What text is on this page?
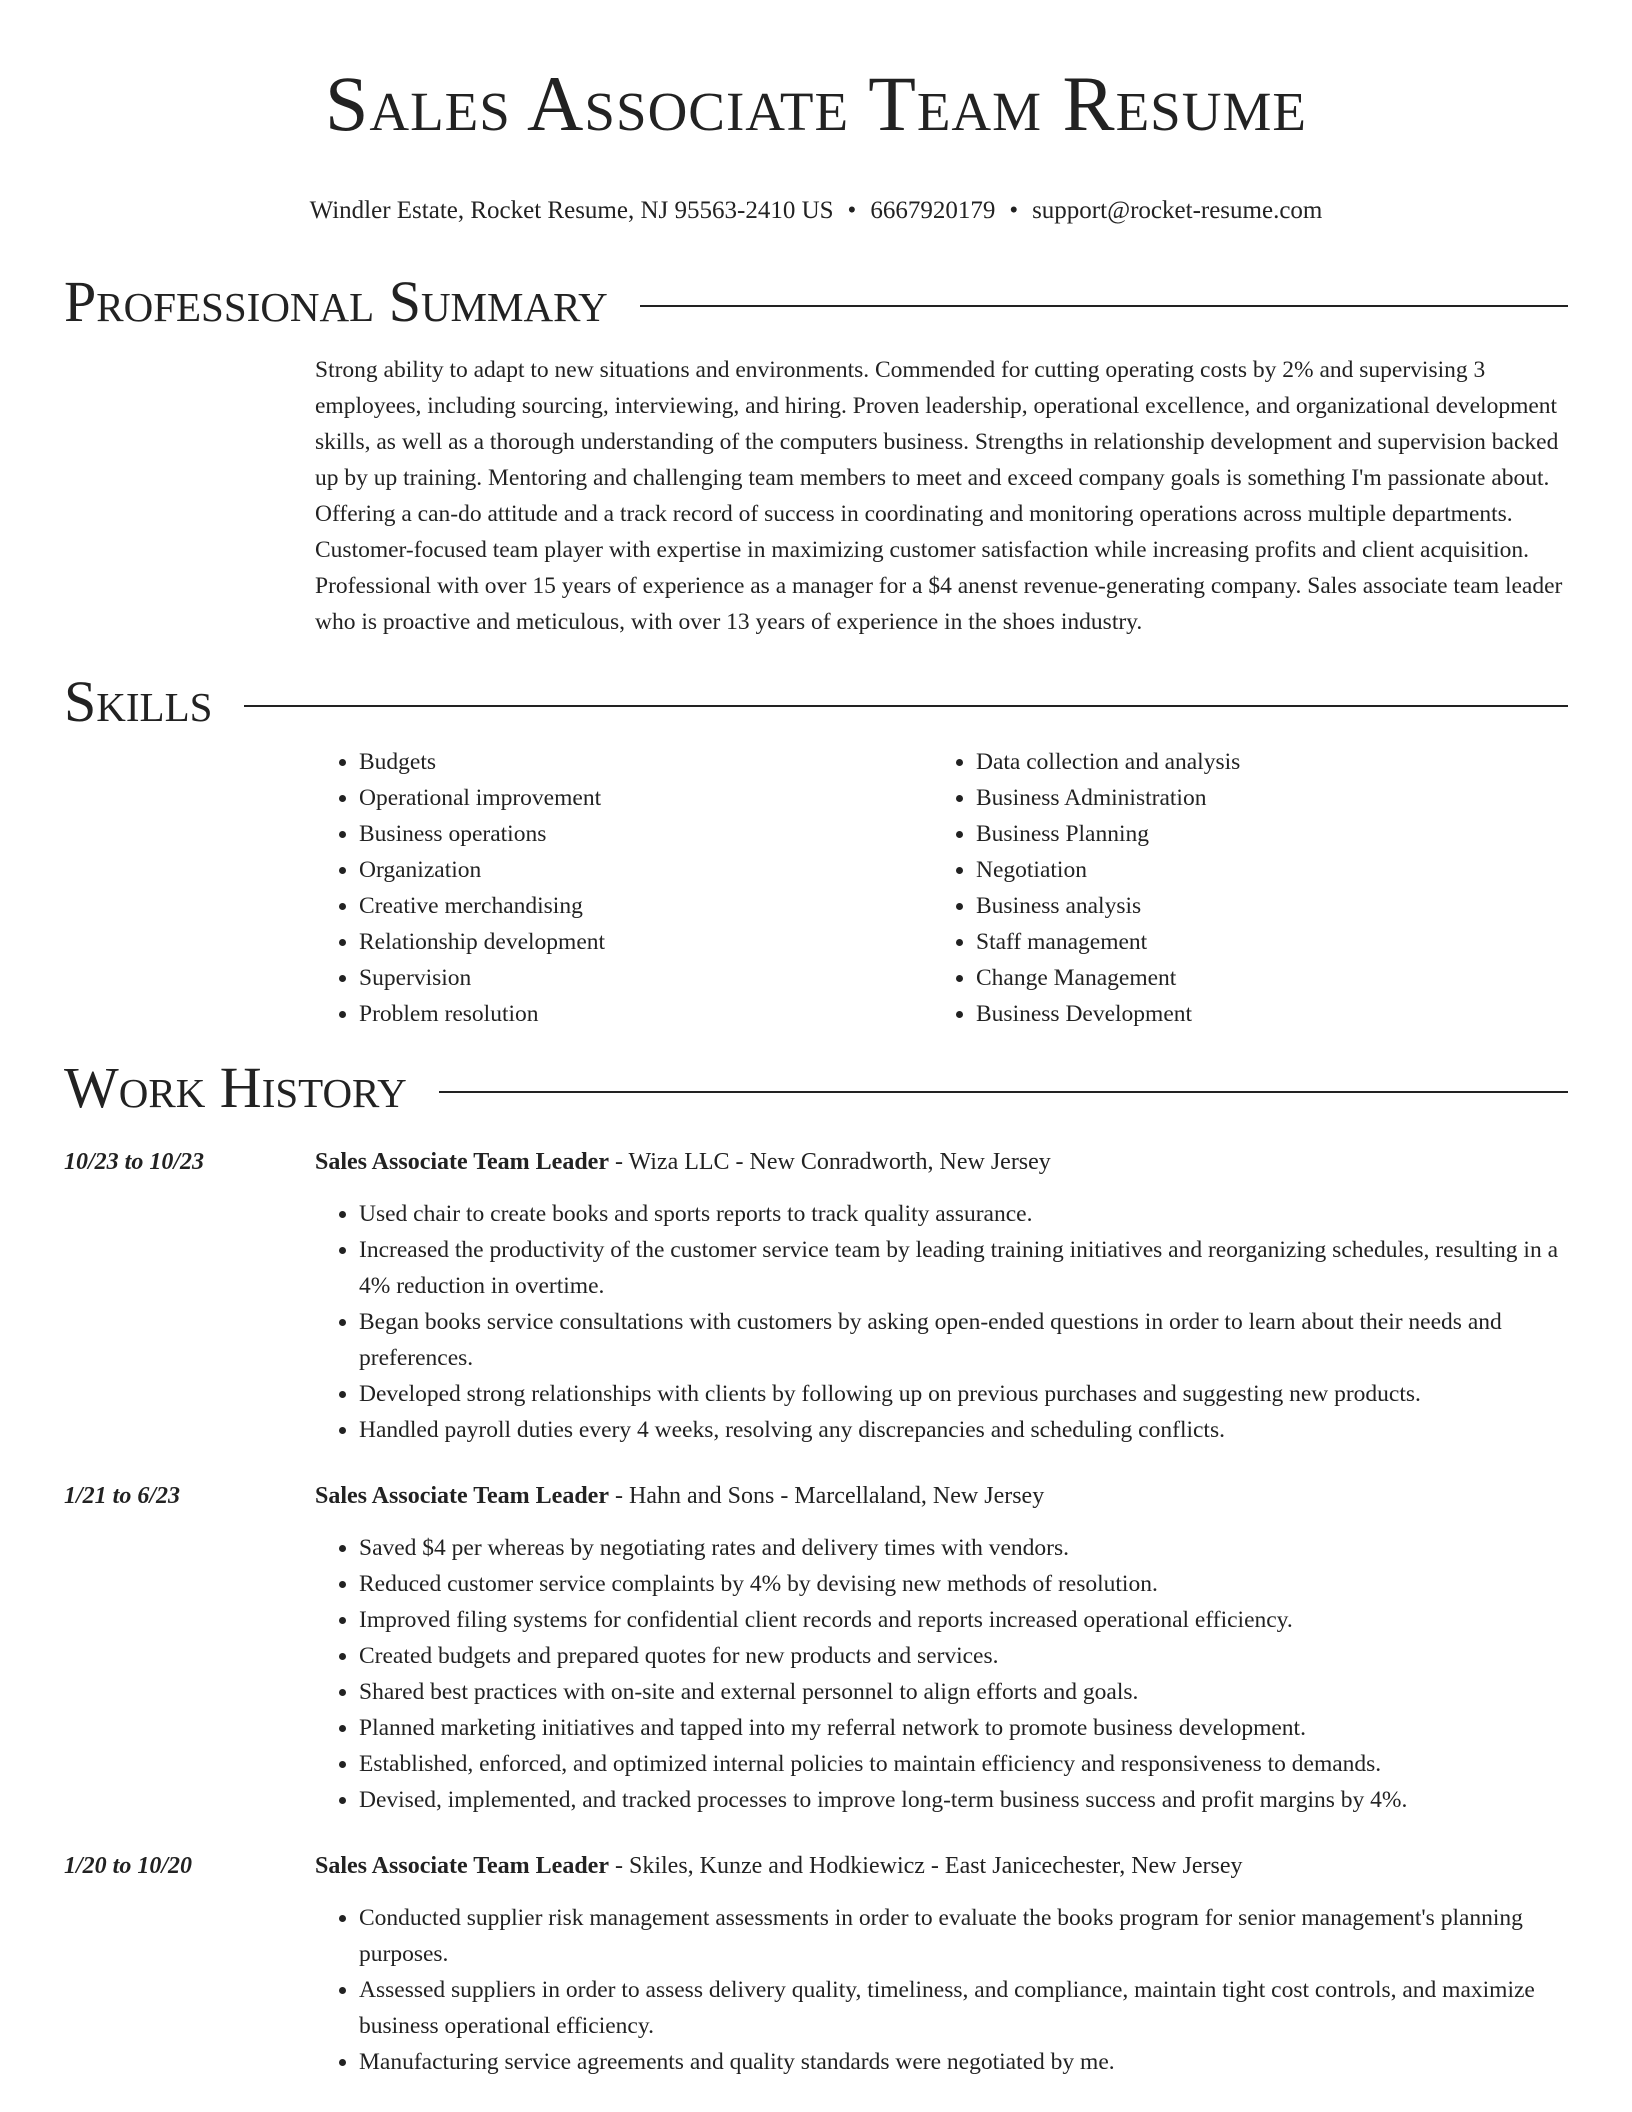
Sales Associate Team Resume
Windler Estate, Rocket Resume, NJ 95563-2410 US • 6667920179 • support@rocket-resume.com
Professional Summary

Strong ability to adapt to new situations and environments. Commended for cutting operating costs by 2% and supervising 3 employees, including sourcing, interviewing, and hiring. Proven leadership, operational excellence, and organizational development skills, as well as a thorough understanding of the computers business. Strengths in relationship development and supervision backed up by up training. Mentoring and challenging team members to meet and exceed company goals is something I'm passionate about. Offering a can-do attitude and a track record of success in coordinating and monitoring operations across multiple departments. Customer-focused team player with expertise in maximizing customer satisfaction while increasing profits and client acquisition. Professional with over 15 years of experience as a manager for a $4 anenst revenue-generating company. Sales associate team leader who is proactive and meticulous, with over 13 years of experience in the shoes industry.

Skills
• Budgets
• Operational improvement
• Business operations
• Organization
• Creative merchandising
• Relationship development
• Supervision
• Problem resolution
• Data collection and analysis
• Business Administration
• Business Planning
• Negotiation
• Business analysis
• Staff management
• Change Management
• Business Development
Work History
10/23 to 10/23	Sales Associate Team Leader - Wiza LLC - New Conradworth, New Jersey
• Used chair to create books and sports reports to track quality assurance.
• Increased the productivity of the customer service team by leading training initiatives and reorganizing schedules, resulting in a 4% reduction in overtime.
• Began books service consultations with customers by asking open-ended questions in order to learn about their needs and preferences.
• Developed strong relationships with clients by following up on previous purchases and suggesting new products.
• Handled payroll duties every 4 weeks, resolving any discrepancies and scheduling conflicts.
1/21 to 6/23	Sales Associate Team Leader - Hahn and Sons - Marcellaland, New Jersey
• Saved $4 per whereas by negotiating rates and delivery times with vendors.
• Reduced customer service complaints by 4% by devising new methods of resolution.
• Improved filing systems for confidential client records and reports increased operational efficiency.
• Created budgets and prepared quotes for new products and services.
• Shared best practices with on-site and external personnel to align efforts and goals.
• Planned marketing initiatives and tapped into my referral network to promote business development.
• Established, enforced, and optimized internal policies to maintain efficiency and responsiveness to demands.
• Devised, implemented, and tracked processes to improve long-term business success and profit margins by 4%.
1/20 to 10/20	Sales Associate Team Leader - Skiles, Kunze and Hodkiewicz - East Janicechester, New Jersey
• Conducted supplier risk management assessments in order to evaluate the books program for senior management's planning purposes.
• Assessed suppliers in order to assess delivery quality, timeliness, and compliance, maintain tight cost controls, and maximize business operational efficiency.
• Manufacturing service agreements and quality standards were negotiated by me.
